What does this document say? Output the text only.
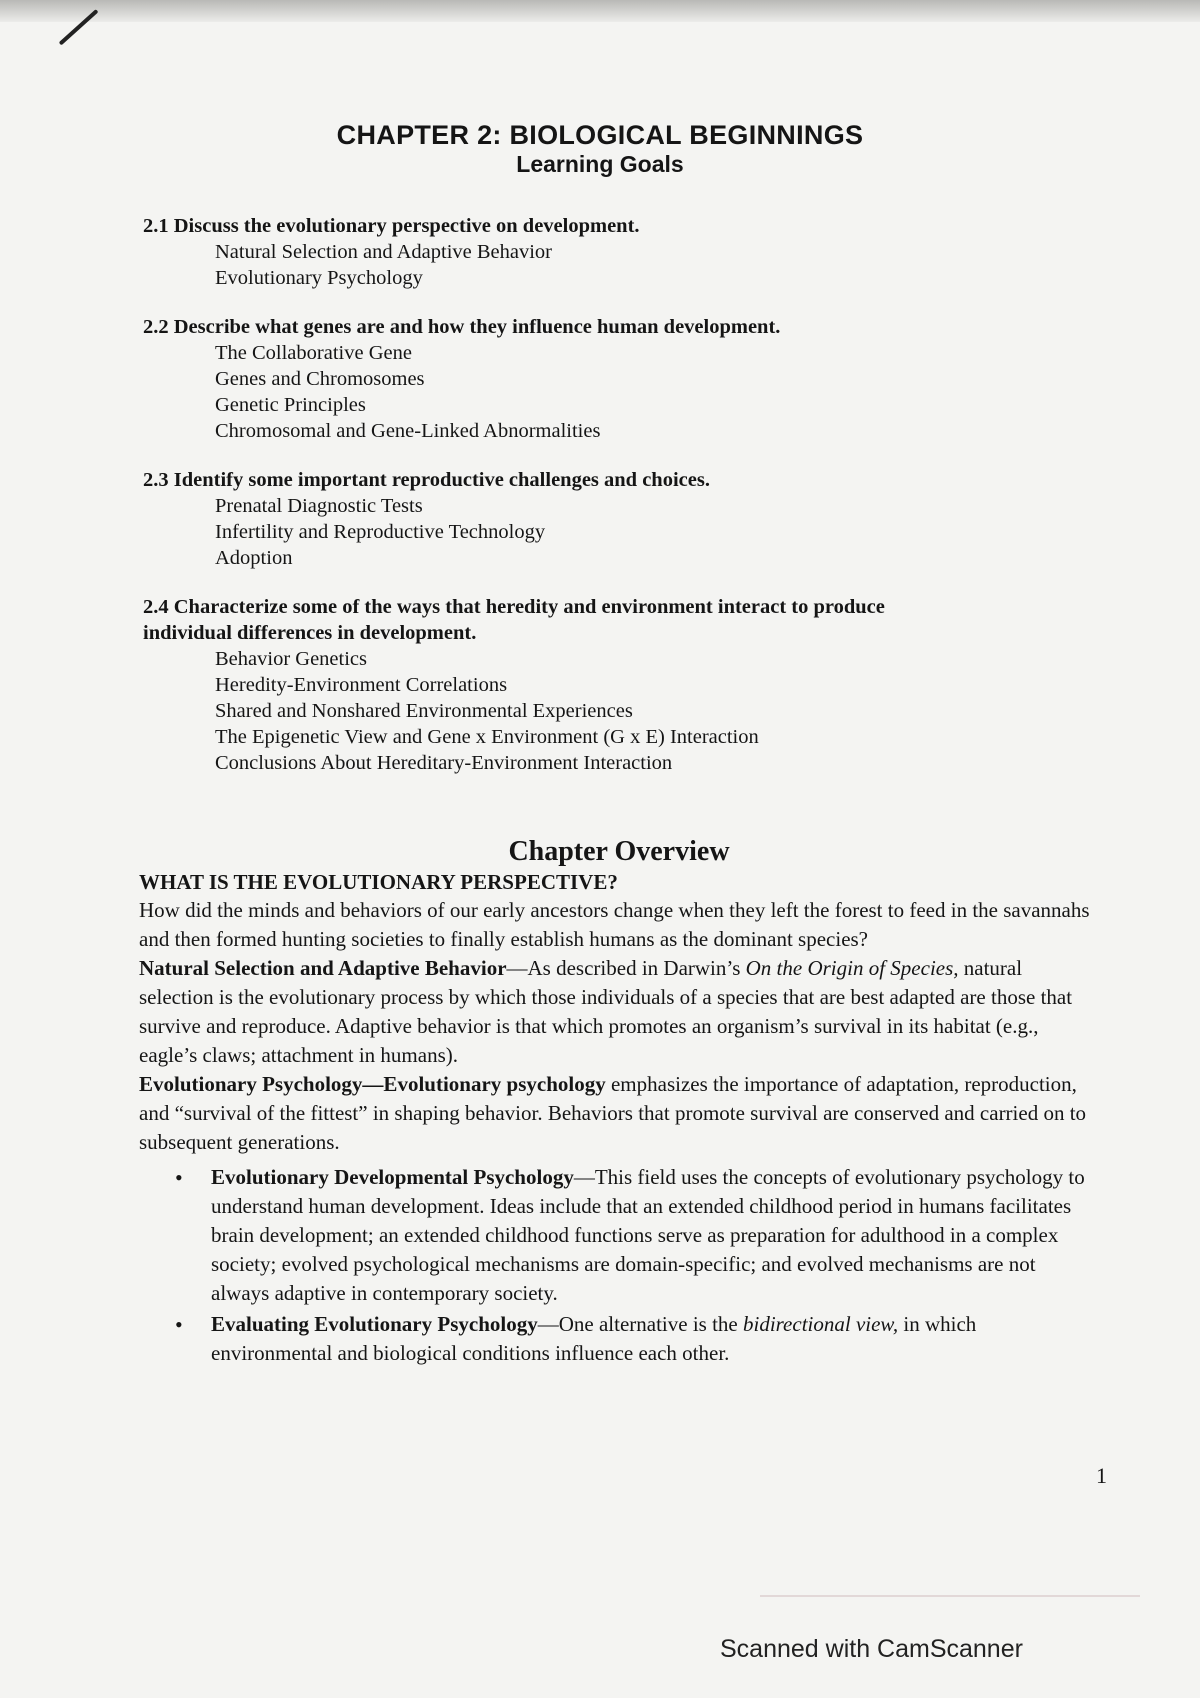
CHAPTER 2: BIOLOGICAL BEGINNINGS
Learning Goals
2.1 Discuss the evolutionary perspective on development.
Natural Selection and Adaptive Behavior
Evolutionary Psychology
2.2 Describe what genes are and how they influence human development.
The Collaborative Gene
Genes and Chromosomes
Genetic Principles
Chromosomal and Gene-Linked Abnormalities
2.3 Identify some important reproductive challenges and choices.
Prenatal Diagnostic Tests
Infertility and Reproductive Technology
Adoption
2.4 Characterize some of the ways that heredity and environment interact to produce
individual differences in development.
Behavior Genetics
Heredity-Environment Correlations
Shared and Nonshared Environmental Experiences
The Epigenetic View and Gene x Environment (G x E) Interaction
Conclusions About Hereditary-Environment Interaction
Chapter Overview
WHAT IS THE EVOLUTIONARY PERSPECTIVE?

How did the minds and behaviors of our early ancestors change when they left the forest to feed in the savannahs and then formed hunting societies to finally establish humans as the dominant species?

Natural Selection and Adaptive Behavior—As described in Darwin’s On the Origin of Species, natural selection is the evolutionary process by which those individuals of a species that are best adapted are those that survive and reproduce. Adaptive behavior is that which promotes an organism’s survival in its habitat (e.g., eagle’s claws; attachment in humans).

Evolutionary Psychology—Evolutionary psychology emphasizes the importance of adaptation, reproduction, and “survival of the fittest” in shaping behavior. Behaviors that promote survival are conserved and carried on to subsequent generations.

• Evolutionary Developmental Psychology—This field uses the concepts of evolutionary psychology to understand human development. Ideas include that an extended childhood period in humans facilitates brain development; an extended childhood functions serve as preparation for adulthood in a complex society; evolved psychological mechanisms are domain-specific; and evolved mechanisms are not always adaptive in contemporary society.
• Evaluating Evolutionary Psychology—One alternative is the bidirectional view, in which environmental and biological conditions influence each other.
1
Scanned with CamScanner
